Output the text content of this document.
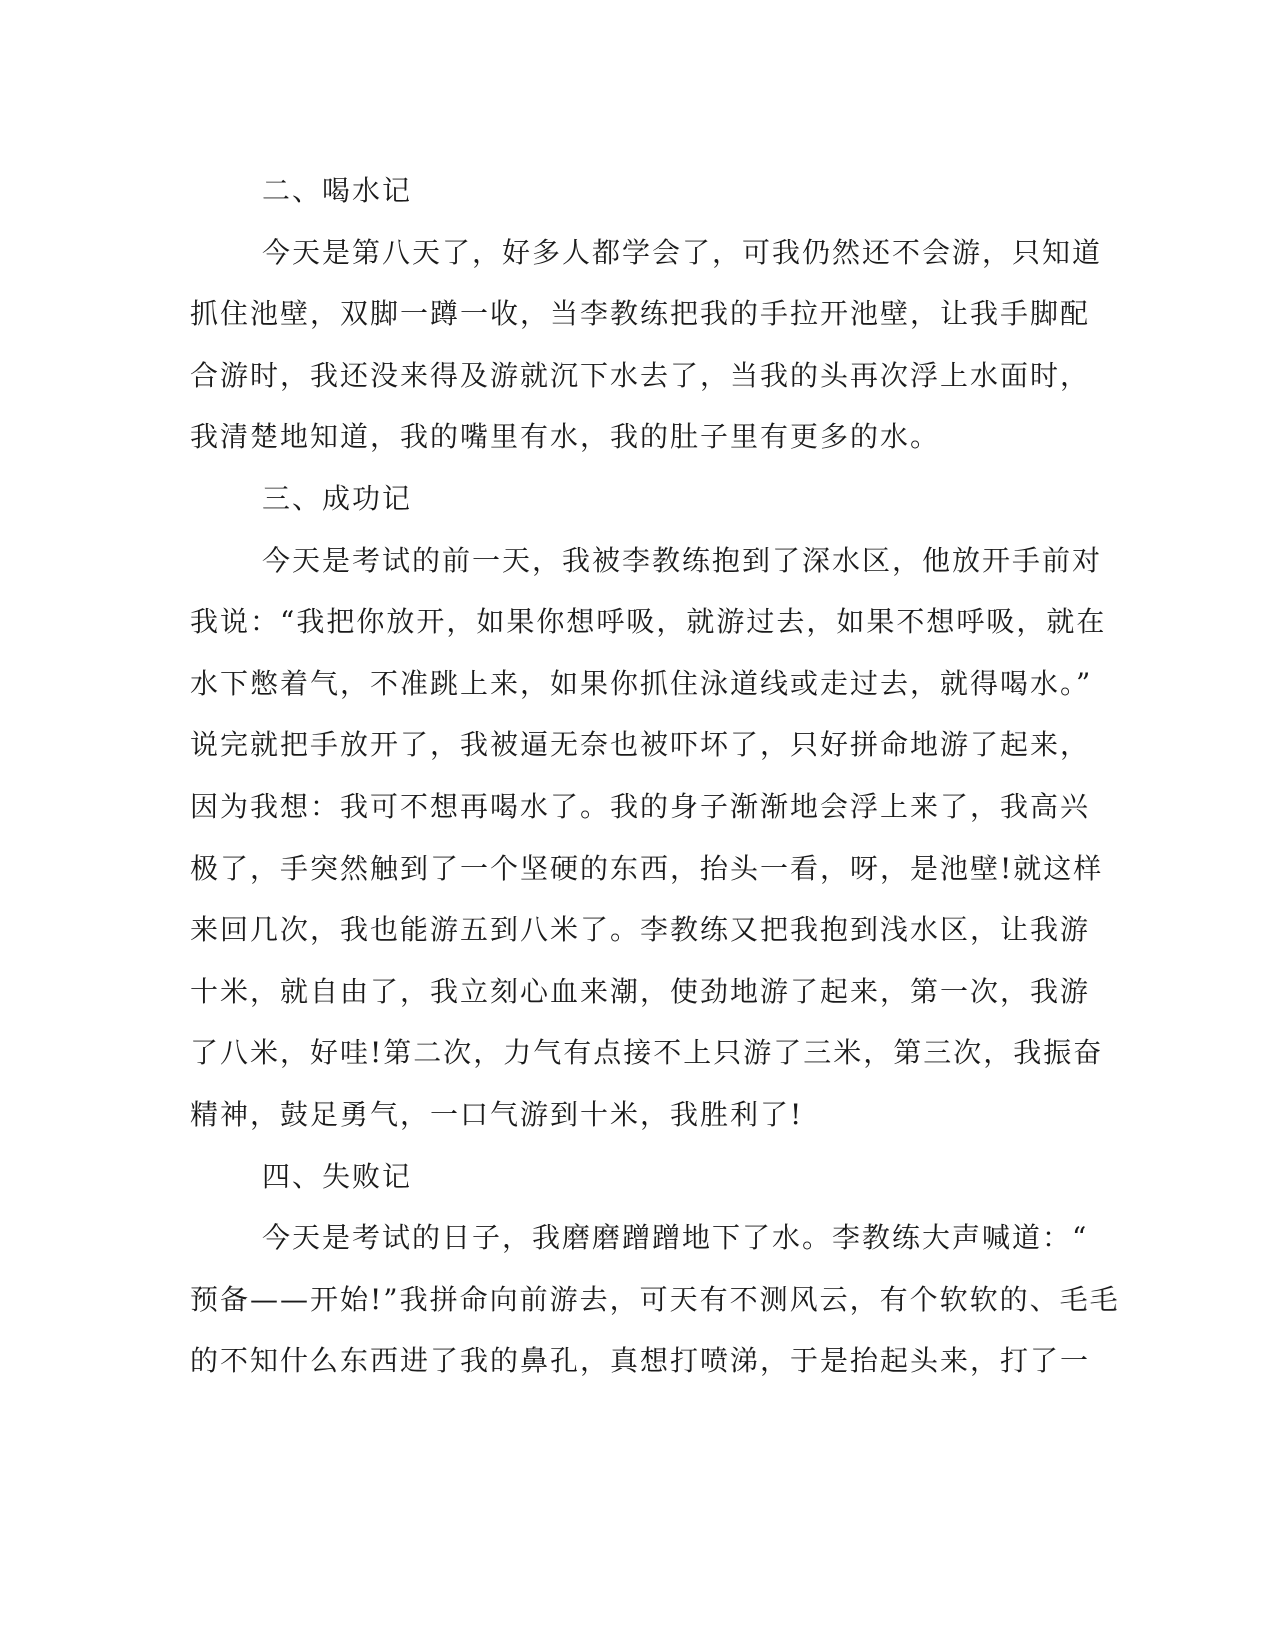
二、喝水记
今天是第八天了，好多人都学会了，可我仍然还不会游，只知道
抓住池壁，双脚一蹲一收，当李教练把我的手拉开池壁，让我手脚配
合游时，我还没来得及游就沉下水去了，当我的头再次浮上水面时，
我清楚地知道，我的嘴里有水，我的肚子里有更多的水。
三、成功记
今天是考试的前一天，我被李教练抱到了深水区，他放开手前对
我说：“我把你放开，如果你想呼吸，就游过去，如果不想呼吸，就在
水下憋着气，不准跳上来，如果你抓住泳道线或走过去，就得喝水。”
说完就把手放开了，我被逼无奈也被吓坏了，只好拼命地游了起来，
因为我想：我可不想再喝水了。我的身子渐渐地会浮上来了，我高兴
极了，手突然触到了一个坚硬的东西，抬头一看，呀，是池壁!就这样
来回几次，我也能游五到八米了。李教练又把我抱到浅水区，让我游
十米，就自由了，我立刻心血来潮，使劲地游了起来，第一次，我游
了八米，好哇!第二次，力气有点接不上只游了三米，第三次，我振奋
精神，鼓足勇气，一口气游到十米，我胜利了!
四、失败记
今天是考试的日子，我磨磨蹭蹭地下了水。李教练大声喊道：“
预备——开始!”我拼命向前游去，可天有不测风云，有个软软的、毛毛
的不知什么东西进了我的鼻孔，真想打喷涕，于是抬起头来，打了一
